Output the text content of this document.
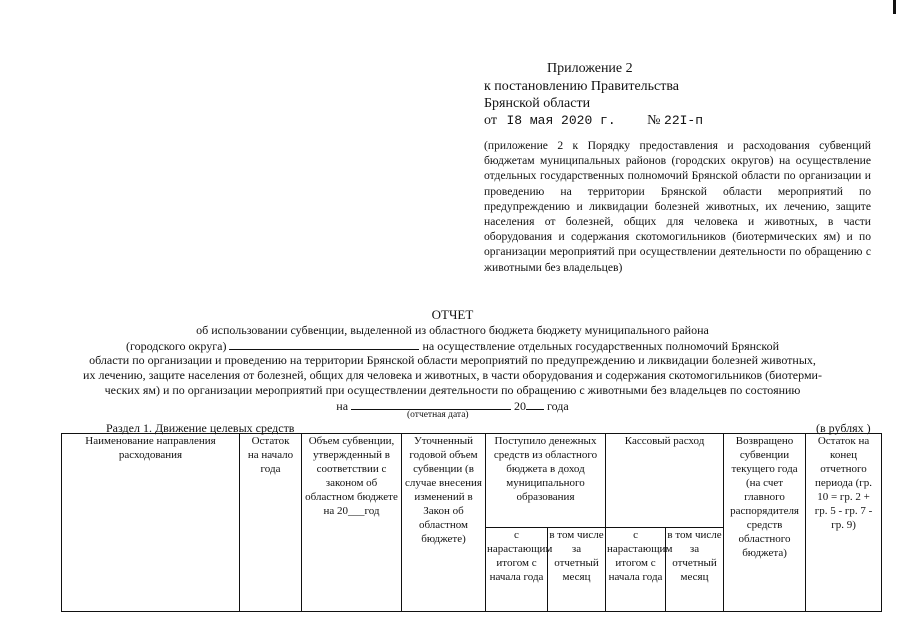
Приложение 2
к постановлению Правительства
Брянской области
от I8 мая 2020 г. № 22I-п
(приложение 2 к Порядку предоставления и расходования субвенций бюджетам муниципальных районов (городских округов) на осуществление отдельных государственных полномочий Брянской области по организации и проведению на территории Брянской области мероприятий по предупреждению и ликвидации болезней животных, их лечению, защите населения от болезней, общих для человека и животных, в части оборудования и содержания скотомогильников (биотермических ям) и по организации мероприятий при осуществлении деятельности по обращению с животными без владельцев)
ОТЧЕТ
об использовании субвенции, выделенной из областного бюджета бюджету муниципального района
(городского округа)	на осуществление отдельных государственных полномочий Брянской
области по организации и проведению на территории Брянской области мероприятий по предупреждению и ликвидации болезней животных,
их лечению, защите населения от болезней, общих для человека и животных, в части оборудования и содержания скотомогильников (биотерми-
ческих ям) и по организации мероприятий при осуществлении деятельности по обращению с животными без владельцев по состоянию
на	20 года
(отчетная дата)
Раздел 1. Движение целевых средств	(в рублях )
Наименование направления расходования	Остаток на начало года	Объем субвенции, утвержденный в соответствии с законом об областном бюджете на 20___год	Уточненный годовой объем субвенции (в случае внесения изменений в Закон об областном бюджете)	Поступило денежных средств из областного бюджета в доход муниципального образования		Кассовый расход		Возвращено субвенции текущего года (на счет главного распорядителя средств областного бюджета)	Остаток на конец отчетного периода (гр. 10 = гр. 2 + гр. 5 - гр. 7 - гр. 9)
				с нарастающим итогом с начала года	в том числе за отчетный месяц	с нарастающим итогом с начала года	в том числе за отчетный месяц		
